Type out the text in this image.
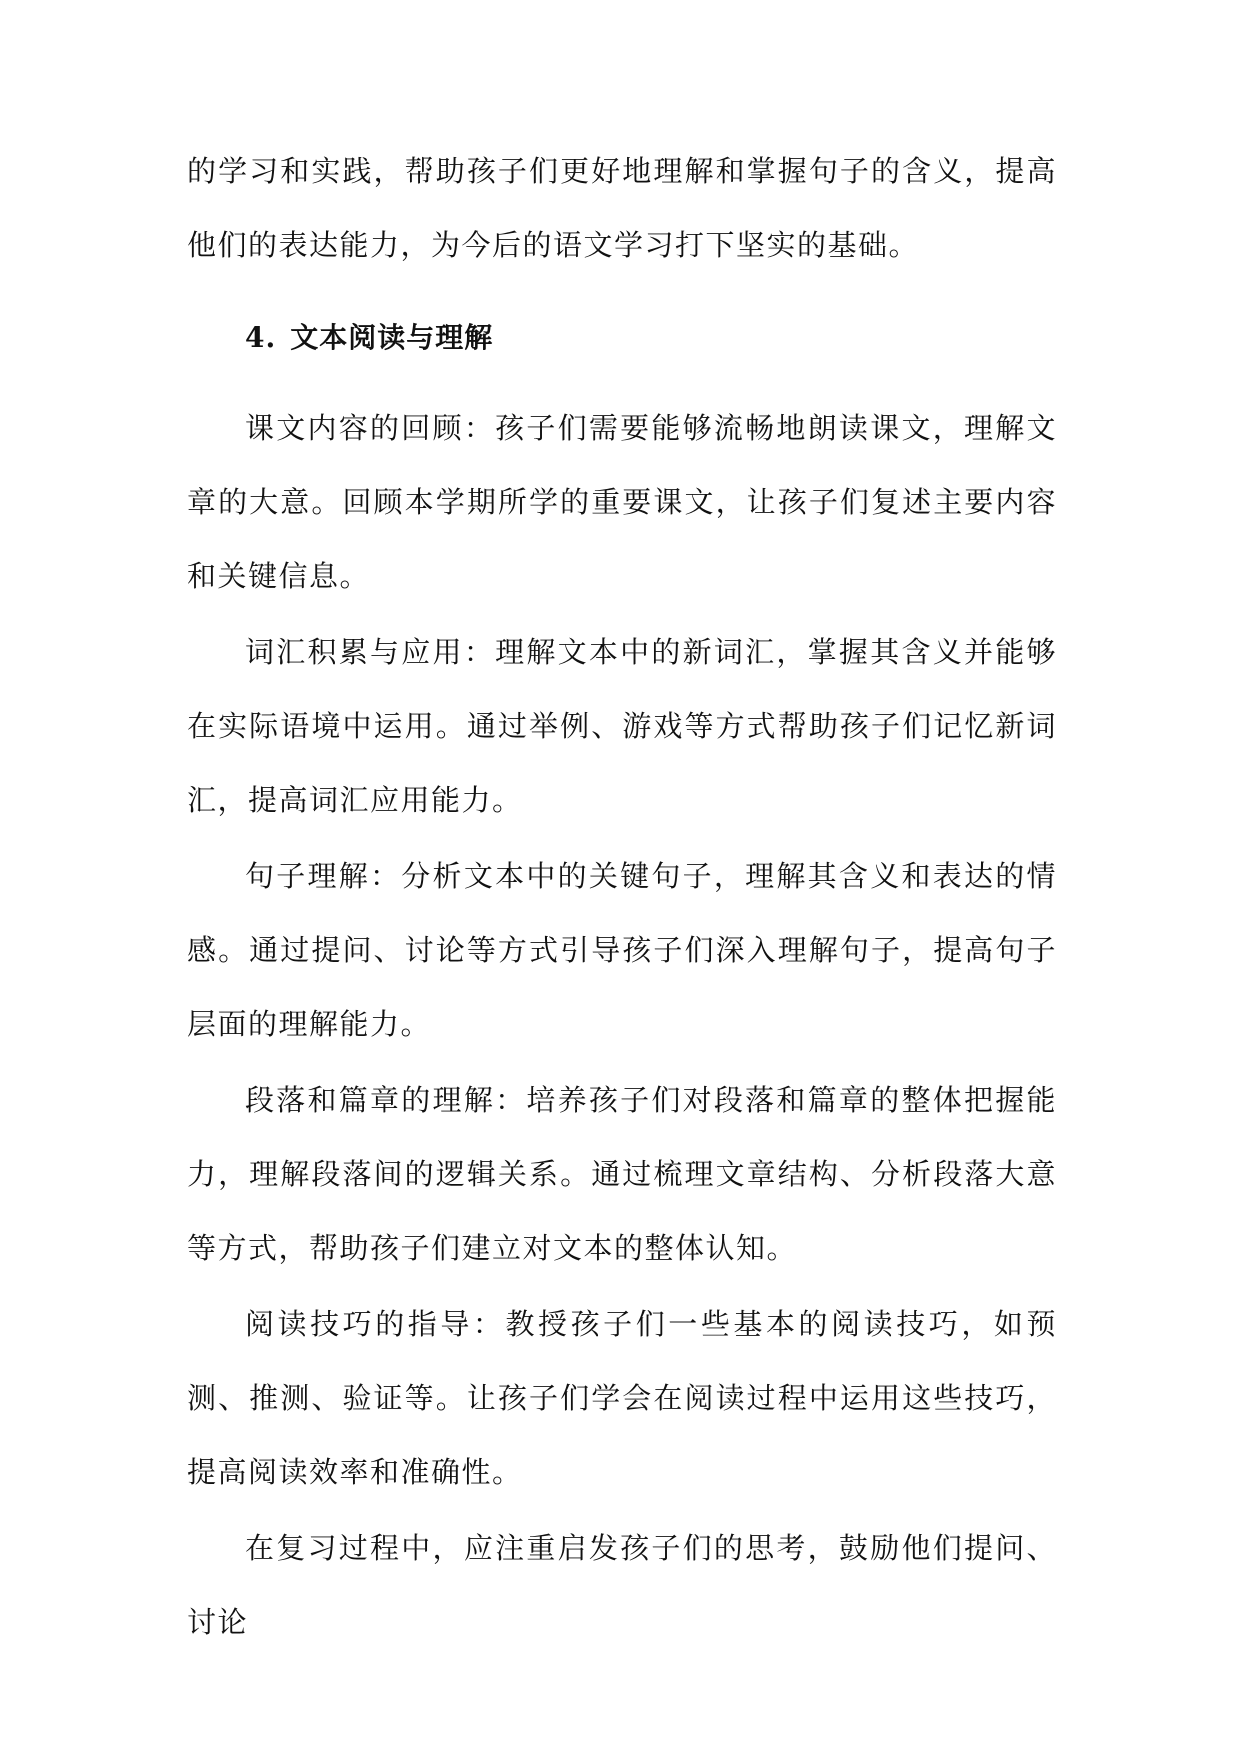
的学习和实践，帮助孩子们更好地理解和掌握句子的含义，提高他们的表达能力，为今后的语文学习打下坚实的基础。

4. 文本阅读与理解

课文内容的回顾：孩子们需要能够流畅地朗读课文，理解文章的大意。回顾本学期所学的重要课文，让孩子们复述主要内容和关键信息。

词汇积累与应用：理解文本中的新词汇，掌握其含义并能够在实际语境中运用。通过举例、游戏等方式帮助孩子们记忆新词汇，提高词汇应用能力。

句子理解：分析文本中的关键句子，理解其含义和表达的情感。通过提问、讨论等方式引导孩子们深入理解句子，提高句子层面的理解能力。

段落和篇章的理解：培养孩子们对段落和篇章的整体把握能力，理解段落间的逻辑关系。通过梳理文章结构、分析段落大意等方式，帮助孩子们建立对文本的整体认知。

阅读技巧的指导：教授孩子们一些基本的阅读技巧，如预测、推测、验证等。让孩子们学会在阅读过程中运用这些技巧，提高阅读效率和准确性。

在复习过程中，应注重启发孩子们的思考，鼓励他们提问、讨论
